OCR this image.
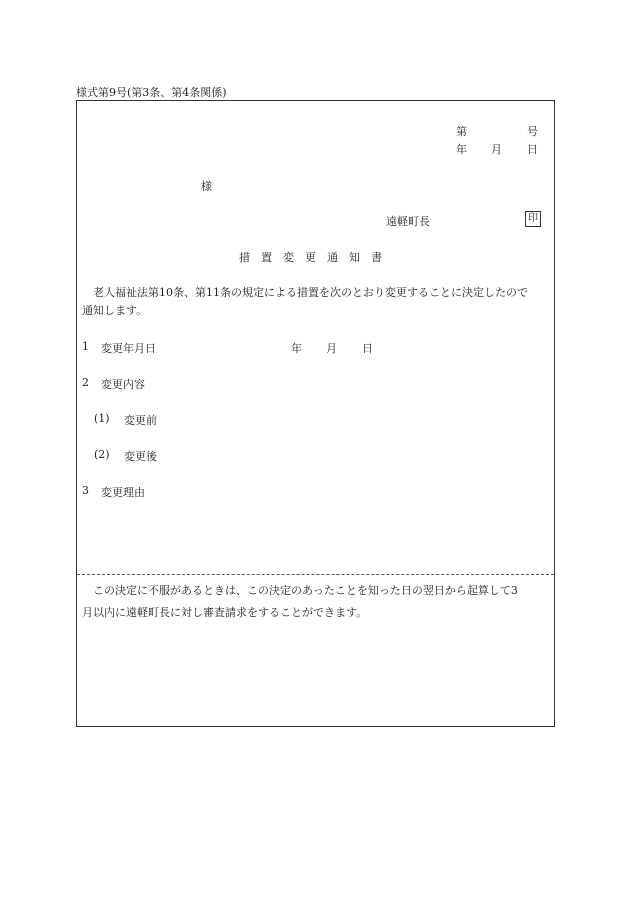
様式第9号(第3条、第4条関係)
第	号
年 月 日
様
遠軽町長	印
措　置　変　更　通　知　書
　老人福祉法第10条、第11条の規定による措置を次のとおり変更することに決定したので
通知します。
1 変更年月日	年 月 日
2 変更内容
(1) 変更前
(2) 変更後
3 変更理由
　この決定に不服があるときは、この決定のあったことを知った日の翌日から起算して3
月以内に遠軽町長に対し審査請求をすることができます。
